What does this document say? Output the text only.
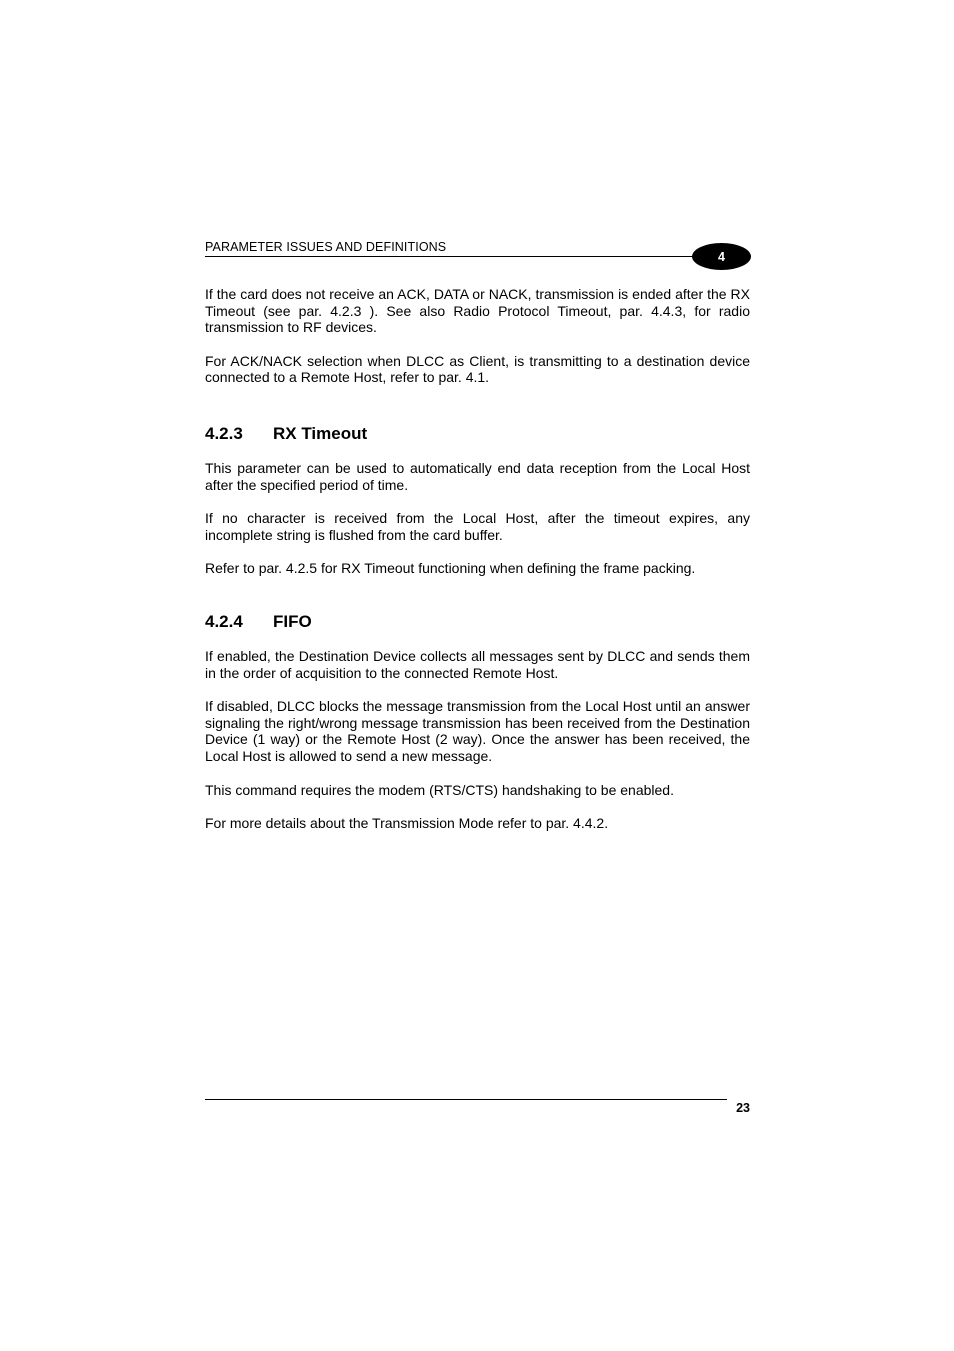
PARAMETER ISSUES AND DEFINITIONS
4

If the card does not receive an ACK, DATA or NACK, transmission is ended after the RX Timeout (see par. 4.2.3 ). See also Radio Protocol Timeout, par. 4.4.3, for radio transmission to RF devices.

For ACK/NACK selection when DLCC as Client, is transmitting to a destination device connected to a Remote Host, refer to par. 4.1.

4.2.3	RX Timeout

This parameter can be used to automatically end data reception from the Local Host after the specified period of time.

If no character is received from the Local Host, after the timeout expires, any incomplete string is flushed from the card buffer.

Refer to par. 4.2.5 for RX Timeout functioning when defining the frame packing.

4.2.4	FIFO

If enabled, the Destination Device collects all messages sent by DLCC and sends them in the order of acquisition to the connected Remote Host.

If disabled, DLCC blocks the message transmission from the Local Host until an answer signaling the right/wrong message transmission has been received from the Destination Device (1 way) or the Remote Host (2 way). Once the answer has been received, the Local Host is allowed to send a new message.

This command requires the modem (RTS/CTS) handshaking to be enabled.

For more details about the Transmission Mode refer to par. 4.4.2.

23
